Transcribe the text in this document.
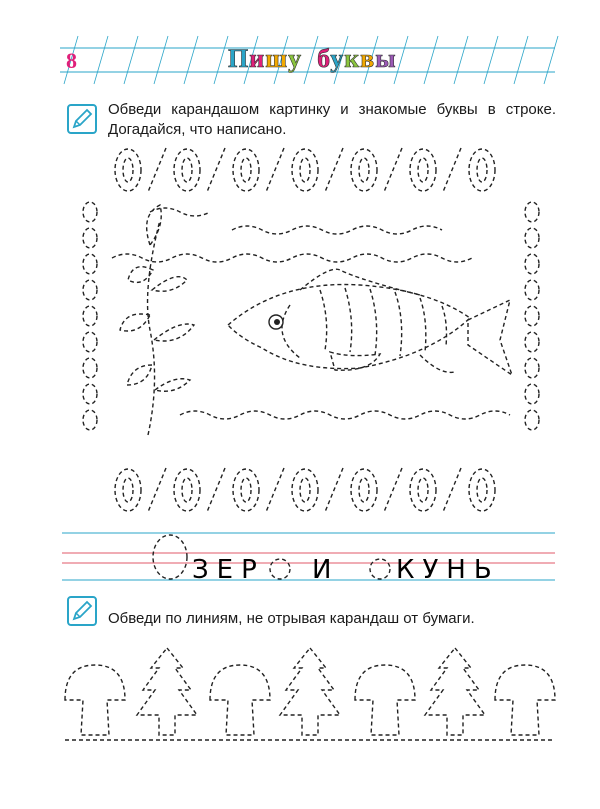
8	Пишу буквы
Обведи карандашом картинку и знакомые буквы в строке. Догадайся, что написано.
ЗЕР И КУНЬ
Обведи по линиям, не отрывая карандаш от бумаги.
